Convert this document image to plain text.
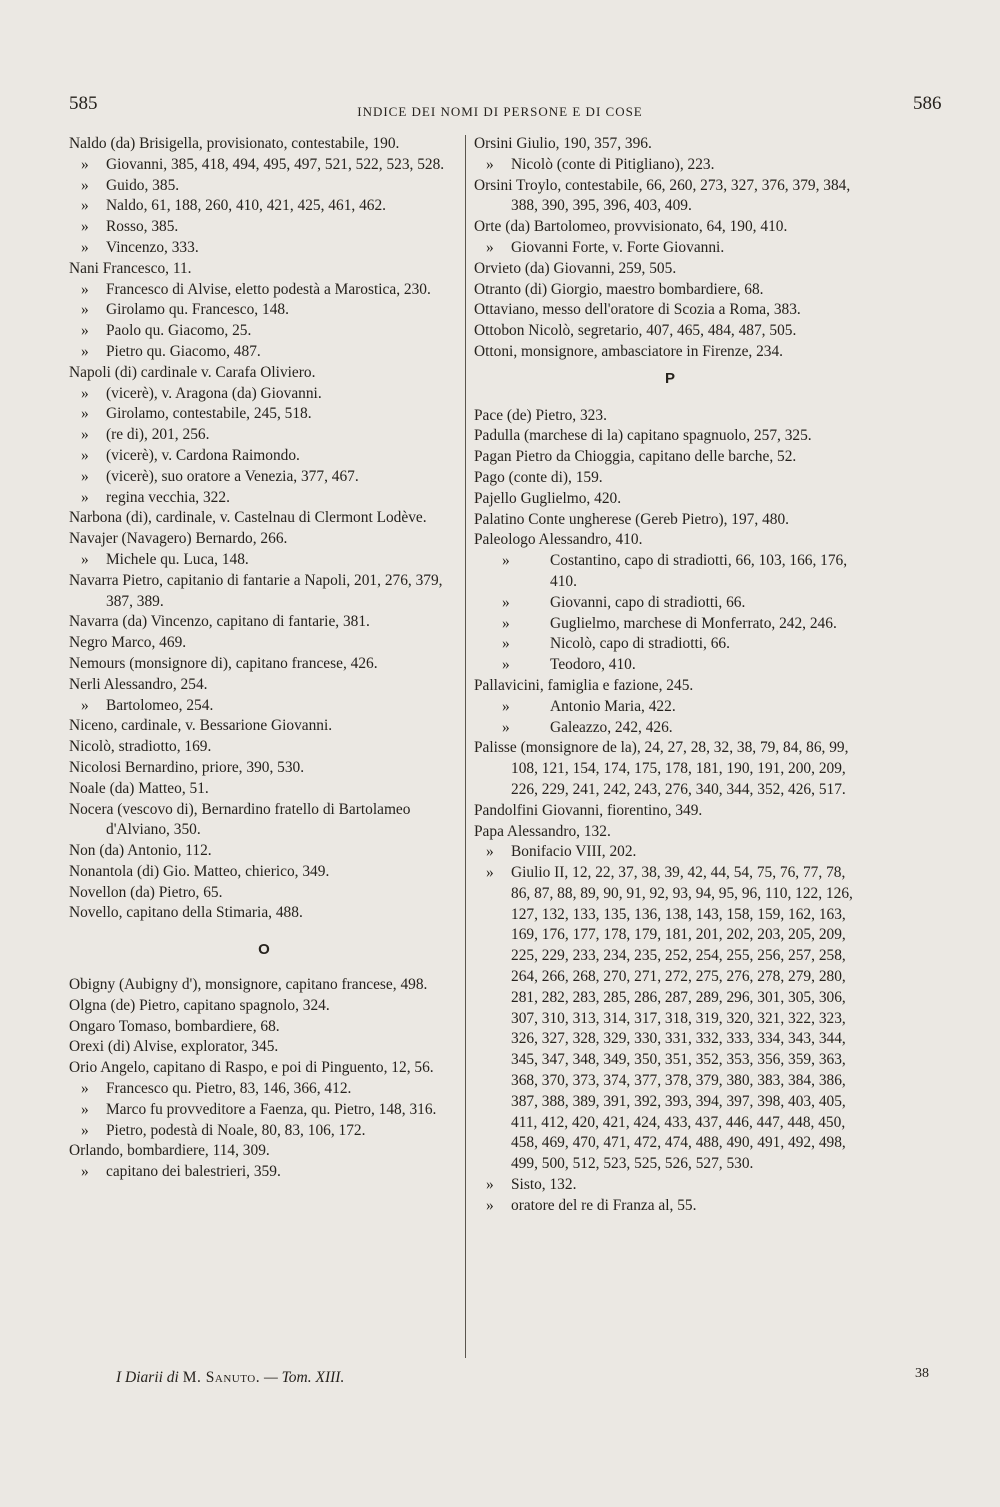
585	INDICE DEI NOMI DI PERSONE E DI COSE	586
Naldo (da) Brisigella, provisionato, contestabile, 190.
» Giovanni, 385, 418, 494, 495, 497, 521, 522, 523, 528.
» Guido, 385.
» Naldo, 61, 188, 260, 410, 421, 425, 461, 462.
» Rosso, 385.
» Vincenzo, 333.
Nani Francesco, 11.
» Francesco di Alvise, eletto podestà a Marostica, 230.
» Girolamo qu. Francesco, 148.
» Paolo qu. Giacomo, 25.
» Pietro qu. Giacomo, 487.
Napoli (di) cardinale v. Carafa Oliviero.
» (vicerè), v. Aragona (da) Giovanni.
» Girolamo, contestabile, 245, 518.
» (re di), 201, 256.
» (vicerè), v. Cardona Raimondo.
» (vicerè), suo oratore a Venezia, 377, 467.
» regina vecchia, 322.
Narbona (di), cardinale, v. Castelnau di Clermont Lodève.
Navajer (Navagero) Bernardo, 266.
» Michele qu. Luca, 148.
Navarra Pietro, capitanio di fantarie a Napoli, 201, 276, 379, 387, 389.
Navarra (da) Vincenzo, capitano di fantarie, 381.
Negro Marco, 469.
Nemours (monsignore di), capitano francese, 426.
Nerli Alessandro, 254.
» Bartolomeo, 254.
Niceno, cardinale, v. Bessarione Giovanni.
Nicolò, stradiotto, 169.
Nicolosi Bernardino, priore, 390, 530.
Noale (da) Matteo, 51.
Nocera (vescovo di), Bernardino fratello di Bartolameo d'Alviano, 350.
Non (da) Antonio, 112.
Nonantola (di) Gio. Matteo, chierico, 349.
Novellon (da) Pietro, 65.
Novello, capitano della Stimaria, 488.
O
Obigny (Aubigny d'), monsignore, capitano francese, 498.
Olgna (de) Pietro, capitano spagnolo, 324.
Ongaro Tomaso, bombardiere, 68.
Orexi (di) Alvise, explorator, 345.
Orio Angelo, capitano di Raspo, e poi di Pinguento, 12, 56.
» Francesco qu. Pietro, 83, 146, 366, 412.
» Marco fu provveditore a Faenza, qu. Pietro, 148, 316.
» Pietro, podestà di Noale, 80, 83, 106, 172.
Orlando, bombardiere, 114, 309.
» capitano dei balestrieri, 359.
Orsini Giulio, 190, 357, 396.
» Nicolò (conte di Pitigliano), 223.
Orsini Troylo, contestabile, 66, 260, 273, 327, 376, 379, 384, 388, 390, 395, 396, 403, 409.
Orte (da) Bartolomeo, provvisionato, 64, 190, 410.
» Giovanni Forte, v. Forte Giovanni.
Orvieto (da) Giovanni, 259, 505.
Otranto (di) Giorgio, maestro bombardiere, 68.
Ottaviano, messo dell'oratore di Scozia a Roma, 383.
Ottobon Nicolò, segretario, 407, 465, 484, 487, 505.
Ottoni, monsignore, ambasciatore in Firenze, 234.
P
Pace (de) Pietro, 323.
Padulla (marchese di la) capitano spagnuolo, 257, 325.
Pagan Pietro da Chioggia, capitano delle barche, 52.
Pago (conte di), 159.
Pajello Guglielmo, 420.
Palatino Conte ungherese (Gereb Pietro), 197, 480.
Paleologo Alessandro, 410.
»	Costantino, capo di stradiotti, 66, 103, 166, 176, 410.
»	Giovanni, capo di stradiotti, 66.
»	Guglielmo, marchese di Monferrato, 242, 246.
»	Nicolò, capo di stradiotti, 66.
»	Teodoro, 410.
Pallavicini, famiglia e fazione, 245.
»	Antonio Maria, 422.
»	Galeazzo, 242, 426.
Palisse (monsignore de la), 24, 27, 28, 32, 38, 79, 84, 86, 99, 108, 121, 154, 174, 175, 178, 181, 190, 191, 200, 209, 226, 229, 241, 242, 243, 276, 340, 344, 352, 426, 517.
Pandolfini Giovanni, fiorentino, 349.
Papa Alessandro, 132.
» Bonifacio VIII, 202.
» Giulio II, 12, 22, 37, 38, 39, 42, 44, 54, 75, 76, 77, 78, 86, 87, 88, 89, 90, 91, 92, 93, 94, 95, 96, 110, 122, 126, 127, 132, 133, 135, 136, 138, 143, 158, 159, 162, 163, 169, 176, 177, 178, 179, 181, 201, 202, 203, 205, 209, 225, 229, 233, 234, 235, 252, 254, 255, 256, 257, 258, 264, 266, 268, 270, 271, 272, 275, 276, 278, 279, 280, 281, 282, 283, 285, 286, 287, 289, 296, 301, 305, 306, 307, 310, 313, 314, 317, 318, 319, 320, 321, 322, 323, 326, 327, 328, 329, 330, 331, 332, 333, 334, 343, 344, 345, 347, 348, 349, 350, 351, 352, 353, 356, 359, 363, 368, 370, 373, 374, 377, 378, 379, 380, 383, 384, 386, 387, 388, 389, 391, 392, 393, 394, 397, 398, 403, 405, 411, 412, 420, 421, 424, 433, 437, 446, 447, 448, 450, 458, 469, 470, 471, 472, 474, 488, 490, 491, 492, 498, 499, 500, 512, 523, 525, 526, 527, 530.
» Sisto, 132.
» oratore del re di Franza al, 55.
I Diarii di M. Sanuto. — Tom. XIII.	38
